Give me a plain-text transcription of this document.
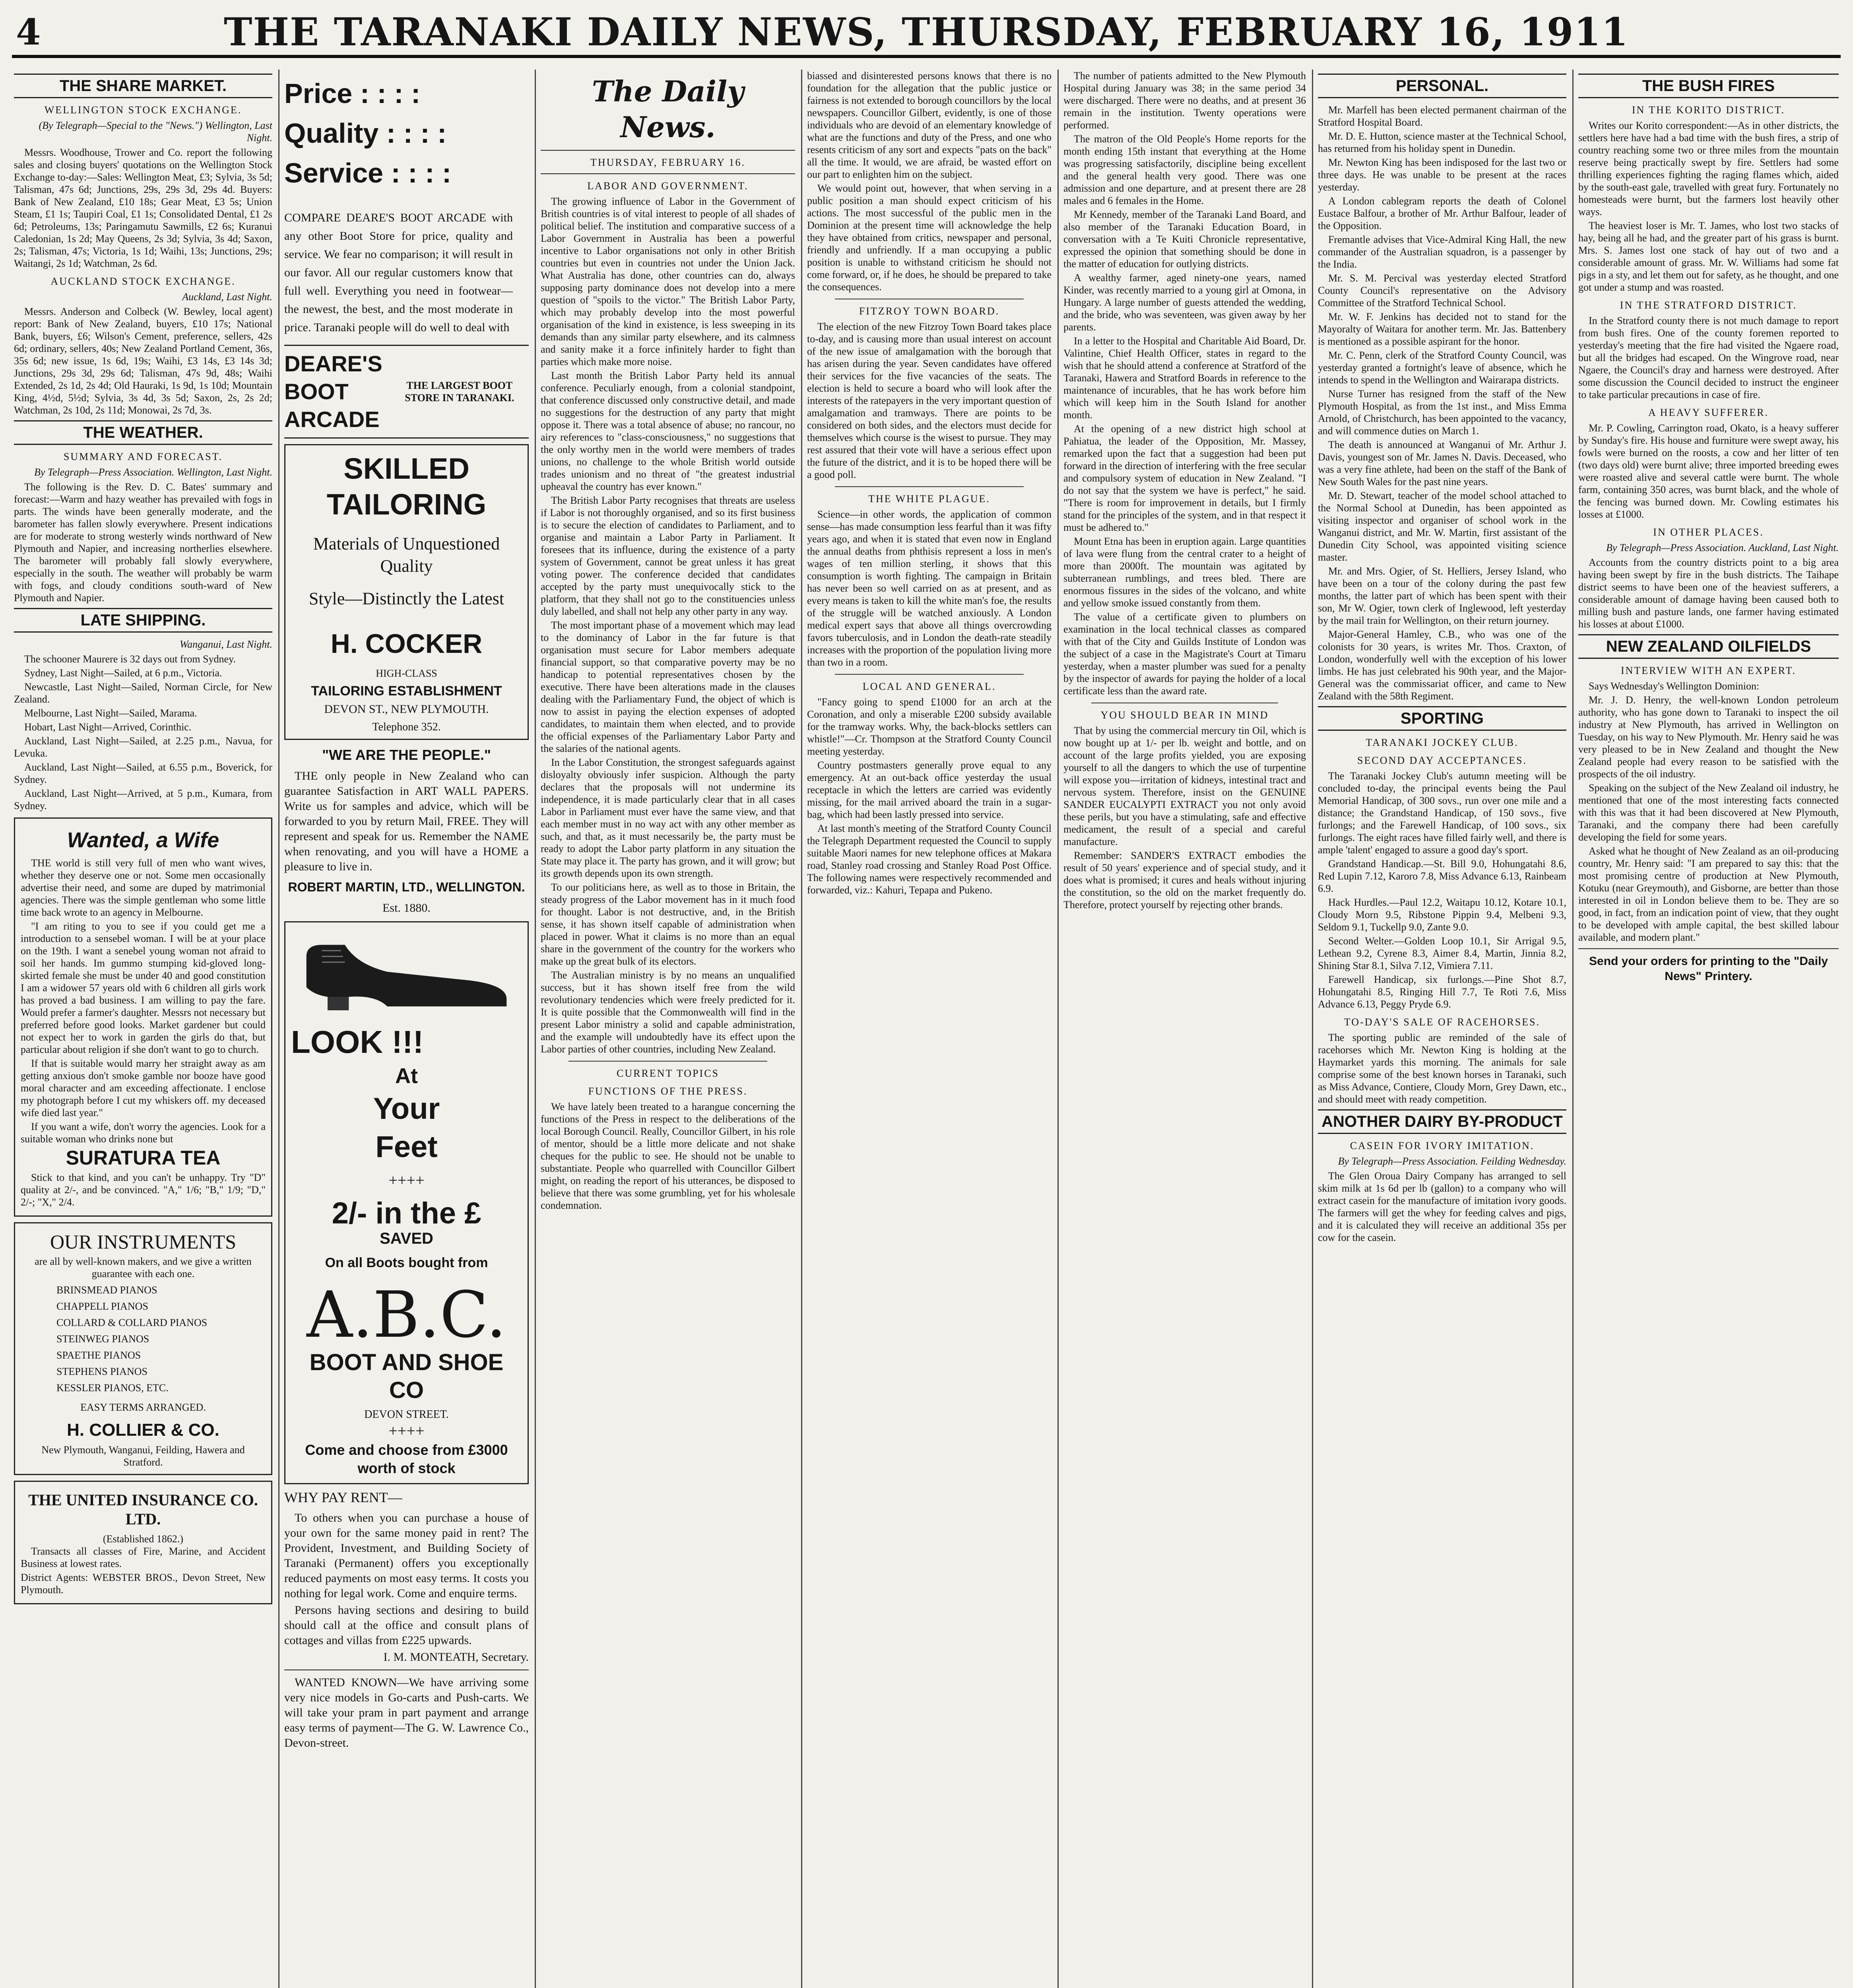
4	THE TARANAKI DAILY NEWS, THURSDAY, FEBRUARY 16, 1911
THE SHARE MARKET.
WELLINGTON STOCK EXCHANGE.
(By Telegraph—Special to the "News.") Wellington, Last Night.

Messrs. Woodhouse, Trower and Co. report the following sales and closing buyers' quotations on the Wellington Stock Exchange to-day:—Sales: Wellington Meat, £3; Sylvia, 3s 5d; Talisman, 47s 6d; Junctions, 29s, 29s 3d, 29s 4d. Buyers: Bank of New Zealand, £10 18s; Gear Meat, £3 5s; Union Steam, £1 1s; Taupiri Coal, £1 1s; Consolidated Dental, £1 2s 6d; Petroleums, 13s; Paringamutu Sawmills, £2 6s; Kuranui Caledonian, 1s 2d; May Queens, 2s 3d; Sylvia, 3s 4d; Saxon, 2s; Talisman, 47s; Victoria, 1s 1d; Waihi, 13s; Junctions, 29s; Waitangi, 2s 1d; Watchman, 2s 6d.

AUCKLAND STOCK EXCHANGE.
Auckland, Last Night.

Messrs. Anderson and Colbeck (W. Bewley, local agent) report: Bank of New Zealand, buyers, £10 17s; National Bank, buyers, £6; Wilson's Cement, preference, sellers, 42s 6d; ordinary, sellers, 40s; New Zealand Portland Cement, 36s, 35s 6d; new issue, 1s 6d, 19s; Waihi, £3 14s, £3 14s 3d; Junctions, 29s 3d, 29s 6d; Talisman, 47s 9d, 48s; Waihi Extended, 2s 1d, 2s 4d; Old Hauraki, 1s 9d, 1s 10d; Mountain King, 4½d, 5½d; Sylvia, 3s 4d, 3s 5d; Saxon, 2s, 2s 2d; Watchman, 2s 10d, 2s 11d; Monowai, 2s 7d, 3s.

THE WEATHER.
SUMMARY AND FORECAST.
By Telegraph—Press Association. Wellington, Last Night.

The following is the Rev. D. C. Bates' summary and forecast:—Warm and hazy weather has prevailed with fogs in parts. The winds have been generally moderate, and the barometer has fallen slowly everywhere. Present indications are for moderate to strong westerly winds northward of New Plymouth and Napier, and increasing northerlies elsewhere. The barometer will probably fall slowly everywhere, especially in the south. The weather will probably be warm with fogs, and cloudy conditions south-ward of New Plymouth and Napier.

LATE SHIPPING.
Wanganui, Last Night.

The schooner Maurere is 32 days out from Sydney.

Sydney, Last Night—Sailed, at 6 p.m., Victoria.

Newcastle, Last Night—Sailed, Norman Circle, for New Zealand.

Melbourne, Last Night—Sailed, Marama.

Hobart, Last Night—Arrived, Corinthic.

Auckland, Last Night—Sailed, at 2.25 p.m., Navua, for Levuka.

Auckland, Last Night—Sailed, at 6.55 p.m., Boverick, for Sydney.

Auckland, Last Night—Arrived, at 5 p.m., Kumara, from Sydney.

Wanted, a Wife

THE world is still very full of men who want wives, whether they deserve one or not. Some men occasionally advertise their need, and some are duped by matrimonial agencies. There was the simple gentleman who some little time back wrote to an agency in Melbourne.

"I am riting to you to see if you could get me a introduction to a sensebel woman. I will be at your place on the 19th. I want a senebel young woman not afraid to soil her hands. Im gummo stumping kid-gloved long-skirted female she must be under 40 and good constitution I am a widower 57 years old with 6 children all girls work has proved a bad business. I am willing to pay the fare. Would prefer a farmer's daughter. Messrs not necessary but preferred before good looks. Market gardener but could not expect her to work in garden the girls do that, but particular about religion if she don't want to go to church.

If that is suitable would marry her straight away as am getting anxious don't smoke gamble nor booze have good moral character and am exceeding affectionate. I enclose my photograph before I cut my whiskers off. my deceased wife died last year."

If you want a wife, don't worry the agencies. Look for a suitable woman who drinks none but

SURATURA TEA

Stick to that kind, and you can't be unhappy. Try "D" quality at 2/-, and be convinced. "A," 1/6; "B," 1/9; "D," 2/-; "X," 2/4.

OUR INSTRUMENTS
are all by well-known makers, and we give a written guarantee with each one.
BRINSMEAD PIANOS
CHAPPELL PIANOS
COLLARD & COLLARD PIANOS
STEINWEG PIANOS
SPAETHE PIANOS
STEPHENS PIANOS
KESSLER PIANOS, ETC.
EASY TERMS ARRANGED.
H. COLLIER & CO.
New Plymouth, Wanganui, Feilding, Hawera and Stratford.
THE UNITED INSURANCE CO. LTD.
(Established 1862.)

Transacts all classes of Fire, Marine, and Accident Business at lowest rates.

District Agents: WEBSTER BROS., Devon Street, New Plymouth.

Price : : : :
Quality : : : :
Service : : : :

COMPARE DEARE'S BOOT ARCADE with any other Boot Store for price, quality and service. We fear no comparison; it will result in our favor. All our regular customers know that full well. Everything you need in footwear—the newest, the best, and the most moderate in price. Taranaki people will do well to deal with

DEARE'S BOOT ARCADE
THE LARGEST BOOT STORE IN TARANAKI.
SKILLED TAILORING
Materials of Unquestioned Quality
Style—Distinctly the Latest
H. COCKER
HIGH-CLASS
TAILORING ESTABLISHMENT
DEVON ST., NEW PLYMOUTH.
Telephone 352.
"WE ARE THE PEOPLE."

THE only people in New Zealand who can guarantee Satisfaction in ART WALL PAPERS. Write us for samples and advice, which will be forwarded to you by return Mail, FREE. They will represent and speak for us. Remember the NAME when renovating, and you will have a HOME a pleasure to live in.

ROBERT MARTIN, LTD., WELLINGTON.
Est. 1880.
LOOK !!!
At
Your
Feet
++++
2/- in the £
SAVED
On all Boots bought from
A.B.C.
BOOT AND SHOE CO
DEVON STREET.
++++
Come and choose from £3000 worth of stock
WHY PAY RENT—

To others when you can purchase a house of your own for the same money paid in rent? The Provident, Investment, and Building Society of Taranaki (Permanent) offers you exceptionally reduced payments on most easy terms. It costs you nothing for legal work. Come and enquire terms.

Persons having sections and desiring to build should call at the office and consult plans of cottages and villas from £225 upwards.

I. M. MONTEATH, Secretary.

WANTED KNOWN—We have arriving some very nice models in Go-carts and Push-carts. We will take your pram in part payment and arrange easy terms of payment—The G. W. Lawrence Co., Devon-street.

The Daily News.
THURSDAY, FEBRUARY 16.
LABOR AND GOVERNMENT.

The growing influence of Labor in the Government of British countries is of vital interest to people of all shades of political belief. The institution and comparative success of a Labor Government in Australia has been a powerful incentive to Labor organisations not only in other British countries but even in countries not under the Union Jack. What Australia has done, other countries can do, always supposing party dominance does not develop into a mere question of "spoils to the victor." The British Labor Party, which may probably develop into the most powerful organisation of the kind in existence, is less sweeping in its demands than any similar party elsewhere, and its calmness and sanity make it a force infinitely harder to fight than parties which make more noise.

Last month the British Labor Party held its annual conference. Peculiarly enough, from a colonial standpoint, that conference discussed only constructive detail, and made no suggestions for the destruction of any party that might oppose it. There was a total absence of abuse; no rancour, no airy references to "class-consciousness," no suggestions that the only worthy men in the world were members of trades unions, no challenge to the whole British world outside trades unionism and no threat of "the greatest industrial upheaval the country has ever known."

The British Labor Party recognises that threats are useless if Labor is not thoroughly organised, and so its first business is to secure the election of candidates to Parliament, and to organise and maintain a Labor Party in Parliament. It foresees that its influence, during the existence of a party system of Government, cannot be great unless it has great voting power. The conference decided that candidates accepted by the party must unequivocally stick to the platform, that they shall not go to the constituencies unless duly labelled, and shall not help any other party in any way.

The most important phase of a movement which may lead to the dominancy of Labor in the far future is that organisation must secure for Labor members adequate financial support, so that comparative poverty may be no handicap to potential representatives chosen by the executive. There have been alterations made in the clauses dealing with the Parliamentary Fund, the object of which is now to assist in paying the election expenses of adopted candidates, to maintain them when elected, and to provide the official expenses of the Parliamentary Labor Party and the salaries of the national agents.

In the Labor Constitution, the strongest safeguards against disloyalty obviously infer suspicion. Although the party declares that the proposals will not undermine its independence, it is made particularly clear that in all cases Labor in Parliament must ever have the same view, and that each member must in no way act with any other member as such, and that, as it must necessarily be, the party must be ready to adopt the Labor party platform in any situation the State may place it. The party has grown, and it will grow; but its growth depends upon its own strength.

To our politicians here, as well as to those in Britain, the steady progress of the Labor movement has in it much food for thought. Labor is not destructive, and, in the British sense, it has shown itself capable of administration when placed in power. What it claims is no more than an equal share in the government of the country for the workers who make up the great bulk of its electors.

The Australian ministry is by no means an unqualified success, but it has shown itself free from the wild revolutionary tendencies which were freely predicted for it. It is quite possible that the Commonwealth will find in the present Labor ministry a solid and capable administration, and the example will undoubtedly have its effect upon the Labor parties of other countries, including New Zealand.

CURRENT TOPICS
FUNCTIONS OF THE PRESS.

We have lately been treated to a harangue concerning the functions of the Press in respect to the deliberations of the local Borough Council. Really, Councillor Gilbert, in his role of mentor, should be a little more delicate and not shake cheques for the public to see. He should not be unable to substantiate. People who quarrelled with Councillor Gilbert might, on reading the report of his utterances, be disposed to believe that there was some grumbling, yet for his wholesale condemnation.

biassed and disinterested persons knows that there is no foundation for the allegation that the public justice or fairness is not extended to borough councillors by the local newspapers. Councillor Gilbert, evidently, is one of those individuals who are devoid of an elementary knowledge of what are the functions and duty of the Press, and one who resents criticism of any sort and expects "pats on the back" all the time. It would, we are afraid, be wasted effort on our part to enlighten him on the subject.

We would point out, however, that when serving in a public position a man should expect criticism of his actions. The most successful of the public men in the Dominion at the present time will acknowledge the help they have obtained from critics, newspaper and personal, friendly and unfriendly. If a man occupying a public position is unable to withstand criticism he should not come forward, or, if he does, he should be prepared to take the consequences.

FITZROY TOWN BOARD.

The election of the new Fitzroy Town Board takes place to-day, and is causing more than usual interest on account of the new issue of amalgamation with the borough that has arisen during the year. Seven candidates have offered their services for the five vacancies of the seats. The election is held to secure a board who will look after the interests of the ratepayers in the very important question of amalgamation and tramways. There are points to be considered on both sides, and the electors must decide for themselves which course is the wisest to pursue. They may rest assured that their vote will have a serious effect upon the future of the district, and it is to be hoped there will be a good poll.

THE WHITE PLAGUE.

Science—in other words, the application of common sense—has made consumption less fearful than it was fifty years ago, and when it is stated that even now in England the annual deaths from phthisis represent a loss in men's wages of ten million sterling, it shows that this consumption is worth fighting. The campaign in Britain has never been so well carried on as at present, and as every means is taken to kill the white man's foe, the results of the struggle will be watched anxiously. A London medical expert says that above all things overcrowding favors tuberculosis, and in London the death-rate steadily increases with the proportion of the population living more than two in a room.

LOCAL AND GENERAL.

"Fancy going to spend £1000 for an arch at the Coronation, and only a miserable £200 subsidy available for the tramway works. Why, the back-blocks settlers can whistle!"—Cr. Thompson at the Stratford County Council meeting yesterday.

Country postmasters generally prove equal to any emergency. At an out-back office yesterday the usual receptacle in which the letters are carried was evidently missing, for the mail arrived aboard the train in a sugar-bag, which had been lastly pressed into service.

At last month's meeting of the Stratford County Council the Telegraph Department requested the Council to supply suitable Maori names for new telephone offices at Makara road, Stanley road crossing and Stanley Road Post Office. The following names were respectively recommended and forwarded, viz.: Kahuri, Tepapa and Pukeno.

The number of patients admitted to the New Plymouth Hospital during January was 38; in the same period 34 were discharged. There were no deaths, and at present 36 remain in the institution. Twenty operations were performed.

The matron of the Old People's Home reports for the month ending 15th instant that everything at the Home was progressing satisfactorily, discipline being excellent and the general health very good. There was one admission and one departure, and at present there are 28 males and 6 females in the Home.

Mr Kennedy, member of the Taranaki Land Board, and also member of the Taranaki Education Board, in conversation with a Te Kuiti Chronicle representative, expressed the opinion that something should be done in the matter of education for outlying districts.

A wealthy farmer, aged ninety-one years, named Kinder, was recently married to a young girl at Omona, in Hungary. A large number of guests attended the wedding, and the bride, who was seventeen, was given away by her parents.

In a letter to the Hospital and Charitable Aid Board, Dr. Valintine, Chief Health Officer, states in regard to the wish that he should attend a conference at Stratford of the Taranaki, Hawera and Stratford Boards in reference to the maintenance of incurables, that he has work before him which will keep him in the South Island for another month.

At the opening of a new district high school at Pahiatua, the leader of the Opposition, Mr. Massey, remarked upon the fact that a suggestion had been put forward in the direction of interfering with the free secular and compulsory system of education in New Zealand. "I do not say that the system we have is perfect," he said. "There is room for improvement in details, but I firmly stand for the principles of the system, and in that respect it must be adhered to."

Mount Etna has been in eruption again. Large quantities of lava were flung from the central crater to a height of more than 2000ft. The mountain was agitated by subterranean rumblings, and trees bled. There are enormous fissures in the sides of the volcano, and white and yellow smoke issued constantly from them.

The value of a certificate given to plumbers on examination in the local technical classes as compared with that of the City and Guilds Institute of London was the subject of a case in the Magistrate's Court at Timaru yesterday, when a master plumber was sued for a penalty by the inspector of awards for paying the holder of a local certificate less than the award rate.

YOU SHOULD BEAR IN MIND

That by using the commercial mercury tin Oil, which is now bought up at 1/- per lb. weight and bottle, and on account of the large profits yielded, you are exposing yourself to all the dangers to which the use of turpentine will expose you—irritation of kidneys, intestinal tract and nervous system. Therefore, insist on the GENUINE SANDER EUCALYPTI EXTRACT you not only avoid these perils, but you have a stimulating, safe and effective medicament, the result of a special and careful manufacture.

Remember: SANDER'S EXTRACT embodies the result of 50 years' experience and of special study, and it does what is promised; it cures and heals without injuring the constitution, so the old on the market frequently do. Therefore, protect yourself by rejecting other brands.

PERSONAL.

Mr. Marfell has been elected permanent chairman of the Stratford Hospital Board.

Mr. D. E. Hutton, science master at the Technical School, has returned from his holiday spent in Dunedin.

Mr. Newton King has been indisposed for the last two or three days. He was unable to be present at the races yesterday.

A London cablegram reports the death of Colonel Eustace Balfour, a brother of Mr. Arthur Balfour, leader of the Opposition.

Fremantle advises that Vice-Admiral King Hall, the new commander of the Australian squadron, is a passenger by the India.

Mr. S. M. Percival was yesterday elected Stratford County Council's representative on the Advisory Committee of the Stratford Technical School.

Mr. W. F. Jenkins has decided not to stand for the Mayoralty of Waitara for another term. Mr. Jas. Battenbery is mentioned as a possible aspirant for the honor.

Mr. C. Penn, clerk of the Stratford County Council, was yesterday granted a fortnight's leave of absence, which he intends to spend in the Wellington and Wairarapa districts.

Nurse Turner has resigned from the staff of the New Plymouth Hospital, as from the 1st inst., and Miss Emma Arnold, of Christchurch, has been appointed to the vacancy, and will commence duties on March 1.

The death is announced at Wanganui of Mr. Arthur J. Davis, youngest son of Mr. James N. Davis. Deceased, who was a very fine athlete, had been on the staff of the Bank of New South Wales for the past nine years.

Mr. D. Stewart, teacher of the model school attached to the Normal School at Dunedin, has been appointed as visiting inspector and organiser of school work in the Wanganui district, and Mr. W. Martin, first assistant of the Dunedin City School, was appointed visiting science master.

Mr. and Mrs. Ogier, of St. Helliers, Jersey Island, who have been on a tour of the colony during the past few months, the latter part of which has been spent with their son, Mr W. Ogier, town clerk of Inglewood, left yesterday by the mail train for Wellington, on their return journey.

Major-General Hamley, C.B., who was one of the colonists for 30 years, is writes Mr. Thos. Craxton, of London, wonderfully well with the exception of his lower limbs. He has just celebrated his 90th year, and the Major-General was the commissariat officer, and came to New Zealand with the 58th Regiment.

SPORTING
TARANAKI JOCKEY CLUB.
SECOND DAY ACCEPTANCES.

The Taranaki Jockey Club's autumn meeting will be concluded to-day, the principal events being the Paul Memorial Handicap, of 300 sovs., run over one mile and a distance; the Grandstand Handicap, of 150 sovs., five furlongs; and the Farewell Handicap, of 100 sovs., six furlongs. The eight races have filled fairly well, and there is ample 'talent' engaged to assure a good day's sport.

Grandstand Handicap.—St. Bill 9.0, Hohungatahi 8.6, Red Lupin 7.12, Karoro 7.8, Miss Advance 6.13, Rainbeam 6.9.

Hack Hurdles.—Paul 12.2, Waitapu 10.12, Kotare 10.1, Cloudy Morn 9.5, Ribstone Pippin 9.4, Melbeni 9.3, Seldom 9.1, Tuckellp 9.0, Zante 9.0.

Second Welter.—Golden Loop 10.1, Sir Arrigal 9.5, Lethean 9.2, Cyrene 8.3, Aimer 8.4, Martin, Jinnia 8.2, Shining Star 8.1, Silva 7.12, Vimiera 7.11.

Farewell Handicap, six furlongs.—Pine Shot 8.7, Hohungatahi 8.5, Ringing Hill 7.7, Te Roti 7.6, Miss Advance 6.13, Peggy Pryde 6.9.

TO-DAY'S SALE OF RACEHORSES.

The sporting public are reminded of the sale of racehorses which Mr. Newton King is holding at the Haymarket yards this morning. The animals for sale comprise some of the best known horses in Taranaki, such as Miss Advance, Contiere, Cloudy Morn, Grey Dawn, etc., and should meet with ready competition.

ANOTHER DAIRY BY-PRODUCT
CASEIN FOR IVORY IMITATION.
By Telegraph—Press Association. Feilding Wednesday.

The Glen Oroua Dairy Company has arranged to sell skim milk at 1s 6d per lb (gallon) to a company who will extract casein for the manufacture of imitation ivory goods. The farmers will get the whey for feeding calves and pigs, and it is calculated they will receive an additional 35s per cow for the casein.

THE BUSH FIRES
IN THE KORITO DISTRICT.

Writes our Korito correspondent:—As in other districts, the settlers here have had a bad time with the bush fires, a strip of country reaching some two or three miles from the mountain reserve being practically swept by fire. Settlers had some thrilling experiences fighting the raging flames which, aided by the south-east gale, travelled with great fury. Fortunately no homesteads were burnt, but the farmers lost heavily other ways.

The heaviest loser is Mr. T. James, who lost two stacks of hay, being all he had, and the greater part of his grass is burnt. Mrs. S. James lost one stack of hay out of two and a considerable amount of grass. Mr. W. Williams had some fat pigs in a sty, and let them out for safety, as he thought, and one got under a stump and was roasted.

IN THE STRATFORD DISTRICT.

In the Stratford county there is not much damage to report from bush fires. One of the county foremen reported to yesterday's meeting that the fire had visited the Ngaere road, but all the bridges had escaped. On the Wingrove road, near Ngaere, the Council's dray and harness were destroyed. After some discussion the Council decided to instruct the engineer to take particular precautions in case of fire.

A HEAVY SUFFERER.

Mr. P. Cowling, Carrington road, Okato, is a heavy sufferer by Sunday's fire. His house and furniture were swept away, his fowls were burned on the roosts, a cow and her litter of ten (two days old) were burnt alive; three imported breeding ewes were roasted alive and several cattle were burnt. The whole farm, containing 350 acres, was burnt black, and the whole of the fencing was burned down. Mr. Cowling estimates his losses at £1000.

IN OTHER PLACES.
By Telegraph—Press Association. Auckland, Last Night.

Accounts from the country districts point to a big area having been swept by fire in the bush districts. The Taihape district seems to have been one of the heaviest sufferers, a considerable amount of damage having been caused both to milling bush and pasture lands, one farmer having estimated his losses at about £1000.

NEW ZEALAND OILFIELDS
INTERVIEW WITH AN EXPERT.

Says Wednesday's Wellington Dominion:

Mr. J. D. Henry, the well-known London petroleum authority, who has gone down to Taranaki to inspect the oil industry at New Plymouth, has arrived in Wellington on Tuesday, on his way to New Plymouth. Mr. Henry said he was very pleased to be in New Zealand and thought the New Zealand people had every reason to be satisfied with the prospects of the oil industry.

Speaking on the subject of the New Zealand oil industry, he mentioned that one of the most interesting facts connected with this was that it had been discovered at New Plymouth, Taranaki, and the company there had been carefully developing the field for some years.

Asked what he thought of New Zealand as an oil-producing country, Mr. Henry said: "I am prepared to say this: that the most promising centre of production at New Plymouth, Kotuku (near Greymouth), and Gisborne, are better than those interested in oil in London believe them to be. They are so good, in fact, from an indication point of view, that they ought to be developed with ample capital, the best skilled labour available, and modern plant."

Send your orders for printing to the "Daily News" Printery.
